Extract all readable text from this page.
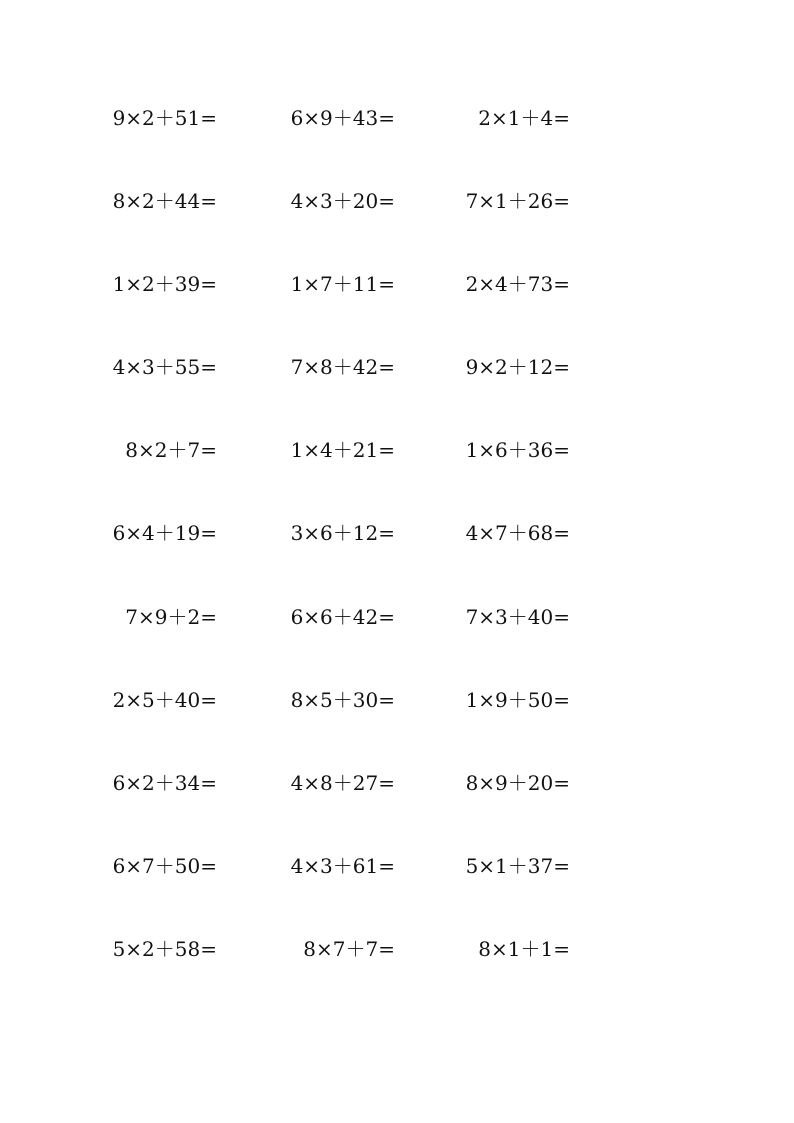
9×2＋51=	6×9＋43=	2×1＋4=
8×2＋44=	4×3＋20=	7×1＋26=
1×2＋39=	1×7＋11=	2×4＋73=
4×3＋55=	7×8＋42=	9×2＋12=
8×2＋7=	1×4＋21=	1×6＋36=
6×4＋19=	3×6＋12=	4×7＋68=
7×9＋2=	6×6＋42=	7×3＋40=
2×5＋40=	8×5＋30=	1×9＋50=
6×2＋34=	4×8＋27=	8×9＋20=
6×7＋50=	4×3＋61=	5×1＋37=
5×2＋58=	8×7＋7=	8×1＋1=
